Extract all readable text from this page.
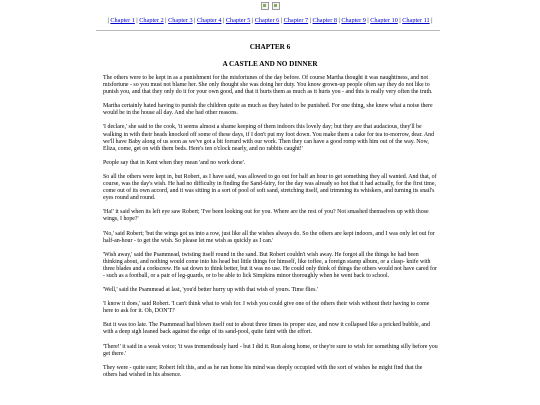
| Chapter 1 | Chapter 2 | Chapter 3 | Chapter 4 | Chapter 5 | Chapter 6 | Chapter 7 | Chapter 8 | Chapter 9 | Chapter 10 | Chapter 11 |
CHAPTER 6
A CASTLE AND NO DINNER

The others were to be kept in as a punishment for the misfortunes of the day before. Of course Martha thought it was naughtiness, and not misfortune - so you must not blame her. She only thought she was doing her duty. You know grown-up people often say they do not like to punish you, and that they only do it for your own good, and that it hurts them as much as it hurts you - and this is really very often the truth.

Martha certainly hated having to punish the children quite as much as they hated to be punished. For one thing, she knew what a noise there would be in the house all day. And she had other reasons.

'I declare,' she said to the cook, 'it seems almost a shame keeping of them indoors this lovely day; but they are that audacious, they'll be walking in with their heads knocked off some of these days, if I don't put my foot down. You make them a cake for tea to-morrow, dear. And we'll have Baby along of us soon as we've got a bit forrard with our work. Then they can have a good romp with him out of the way. Now, Eliza, come, get on with them beds. Here's ten o'clock nearly, and no rabbits caught!'

People say that in Kent when they mean 'and no work done'.

So all the others were kept in, but Robert, as I have said, was allowed to go out for half an hour to get something they all wanted. And that, of course, was the day's wish. He had no difficulty in finding the Sand-fairy, for the day was already so hot that it had actually, for the first time, come out of its own accord, and it was sitting in a sort of pool of soft sand, stretching itself, and trimming its whiskers, and turning its snail's eyes round and round.

'Ha!' it said when its left eye saw Robert; 'I've been looking out for you. Where are the rest of you? Not smashed themselves up with those wings, I hope?'

'No,' said Robert; 'but the wings got us into a row, just like all the wishes always do. So the others are kept indoors, and I was only let out for half-an-hour - to get the wish. So please let me wish as quickly as I can.'

'Wish away,' said the Psammead, twisting itself round in the sand. But Robert couldn't wish away. He forgot all the things he had been thinking about, and nothing would come into his head but little things for himself, like toffee, a foreign stamp album, or a clasp- knife with three blades and a corkscrew. He sat down to think better, but it was no use. He could only think of things the others would not have cared for - such as a football, or a pair of leg-guards, or to be able to lick Simpkins minor thoroughly when he went back to school.

'Well,' said the Psammead at last, 'you'd better hurry up with that wish of yours. Time flies.'

'I know it does,' said Robert. 'I can't think what to wish for. I wish you could give one of the others their wish without their having to come here to ask for it. Oh, DON'T!'

But it was too late. The Psammead had blown itself out to about three times its proper size, and now it collapsed like a pricked bubble, and with a deep sigh leaned back against the edge of its sand-pool, quite faint with the effort.

'There!' it said in a weak voice; 'it was tremendously hard - but I did it. Run along home, or they're sure to wish for something silly before you get there.'

They were - quite sure; Robert felt this, and as he ran home his mind was deeply occupied with the sort of wishes he might find that the others had wished in his absence.
